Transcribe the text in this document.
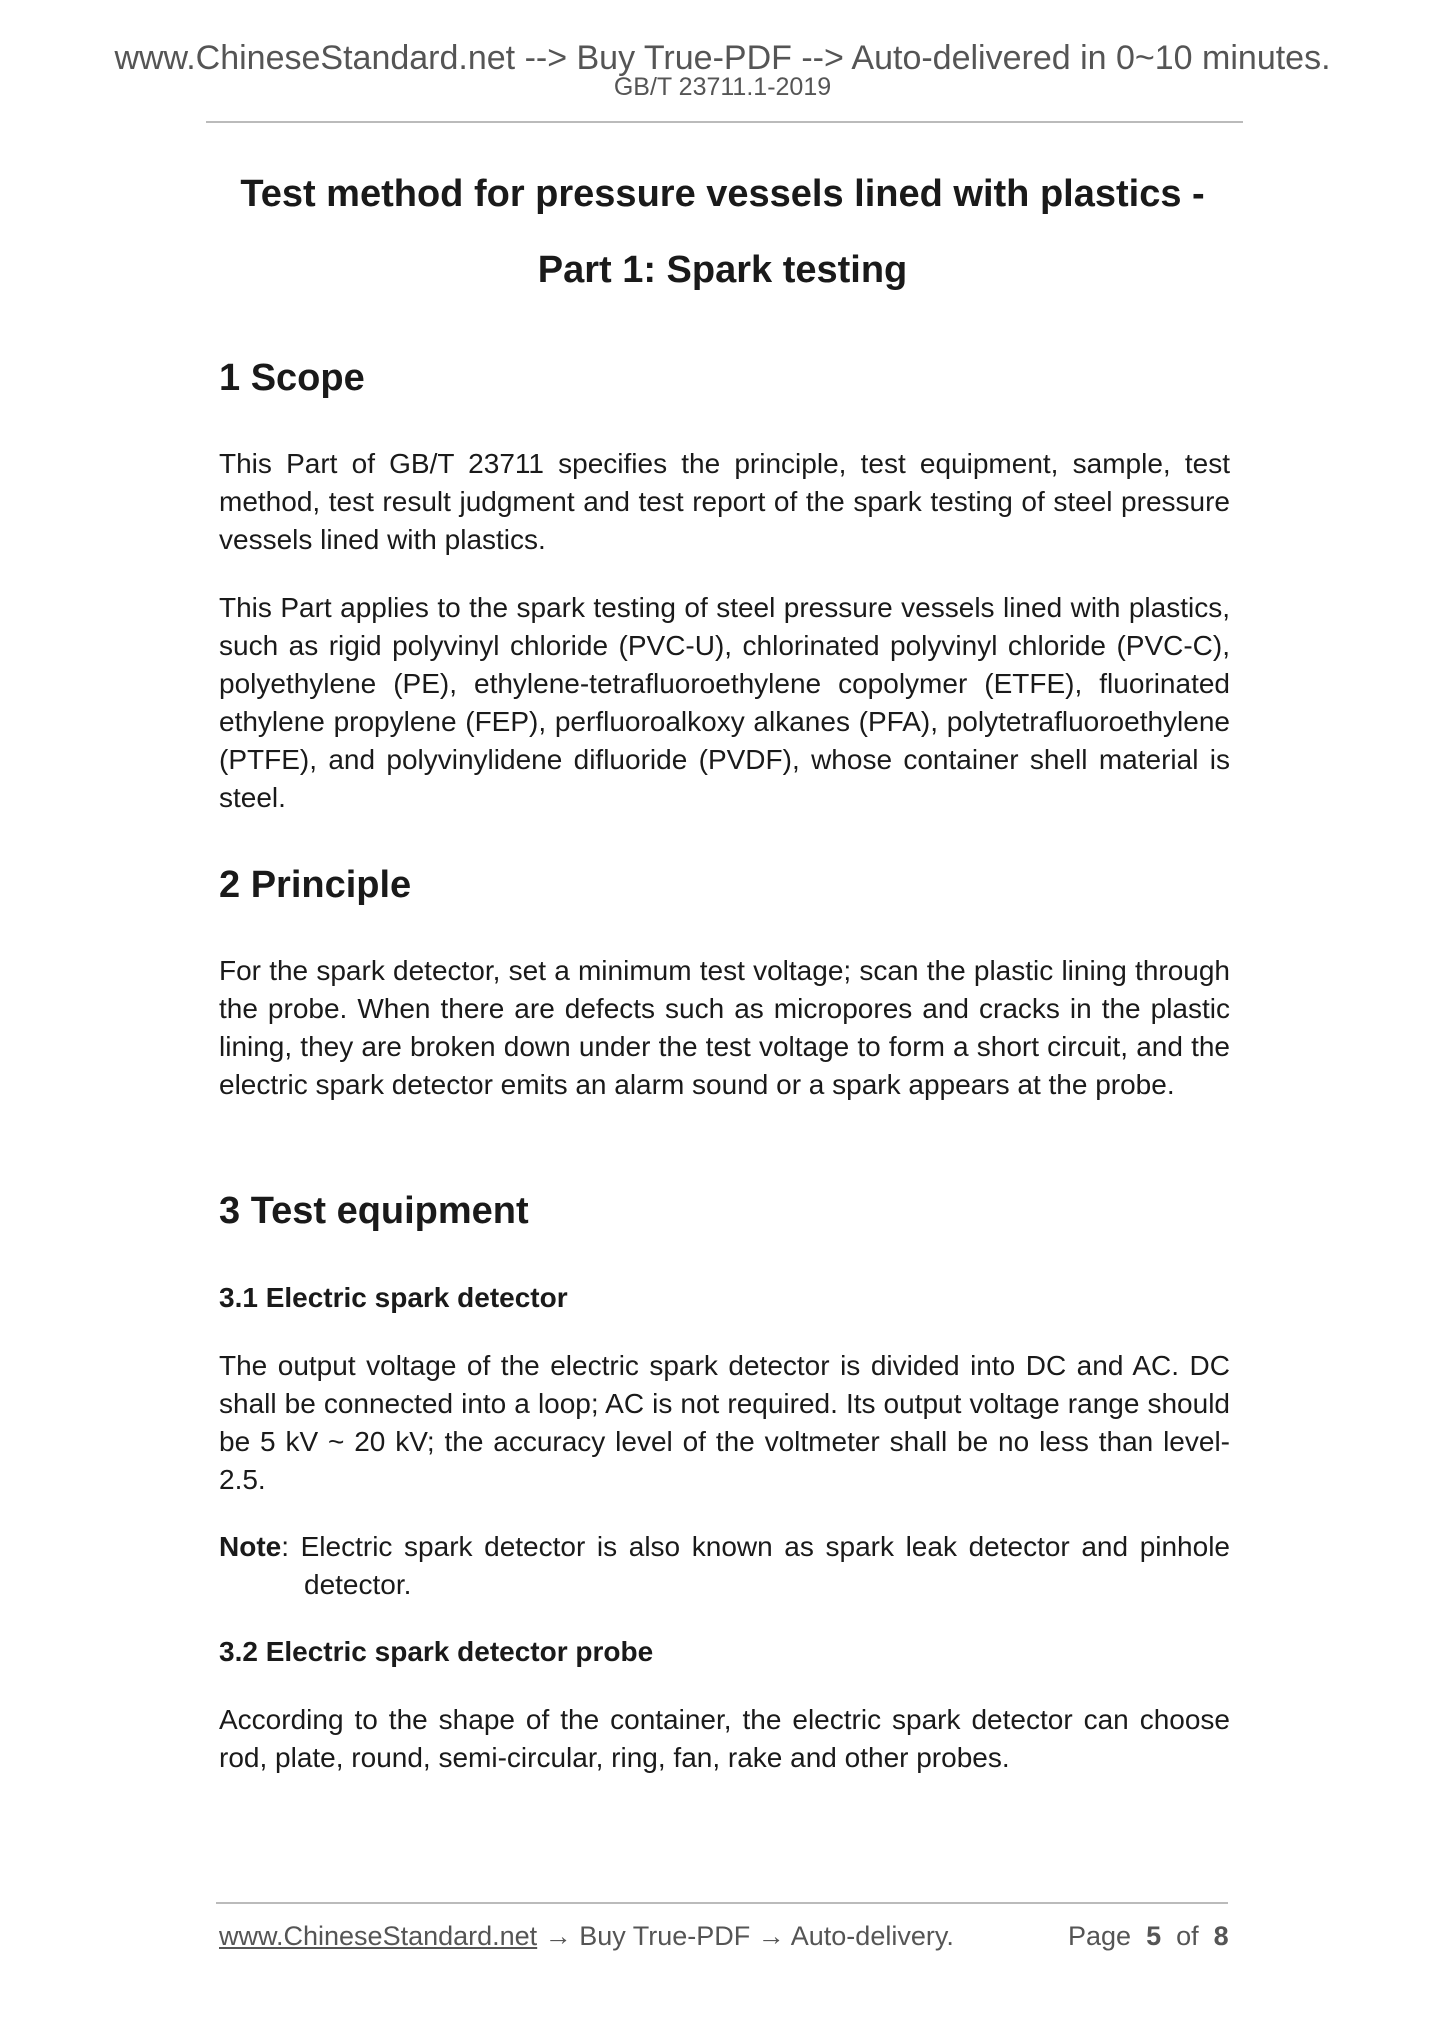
www.ChineseStandard.net --> Buy True-PDF --> Auto-delivered in 0~10 minutes.
GB/T 23711.1-2019
Test method for pressure vessels lined with plastics -
Part 1: Spark testing
1 Scope

This Part of GB/T 23711 specifies the principle, test equipment, sample, test method, test result judgment and test report of the spark testing of steel pressure vessels lined with plastics.

This Part applies to the spark testing of steel pressure vessels lined with plastics, such as rigid polyvinyl chloride (PVC-U), chlorinated polyvinyl chloride (PVC-C), polyethylene (PE), ethylene-tetrafluoroethylene copolymer (ETFE), fluorinated ethylene propylene (FEP), perfluoroalkoxy alkanes (PFA), polytetrafluoroethylene (PTFE), and polyvinylidene difluoride (PVDF), whose container shell material is steel.

2 Principle

For the spark detector, set a minimum test voltage; scan the plastic lining through the probe. When there are defects such as micropores and cracks in the plastic lining, they are broken down under the test voltage to form a short circuit, and the electric spark detector emits an alarm sound or a spark appears at the probe.

3 Test equipment
3.1 Electric spark detector

The output voltage of the electric spark detector is divided into DC and AC. DC shall be connected into a loop; AC is not required. Its output voltage range should be 5 kV ~ 20 kV; the accuracy level of the voltmeter shall be no less than level-2.5.

Note: Electric spark detector is also known as spark leak detector and pinhole detector.

3.2 Electric spark detector probe

According to the shape of the container, the electric spark detector can choose rod, plate, round, semi-circular, ring, fan, rake and other probes.

www.ChineseStandard.net → Buy True-PDF → Auto-delivery.	Page 5 of 8
